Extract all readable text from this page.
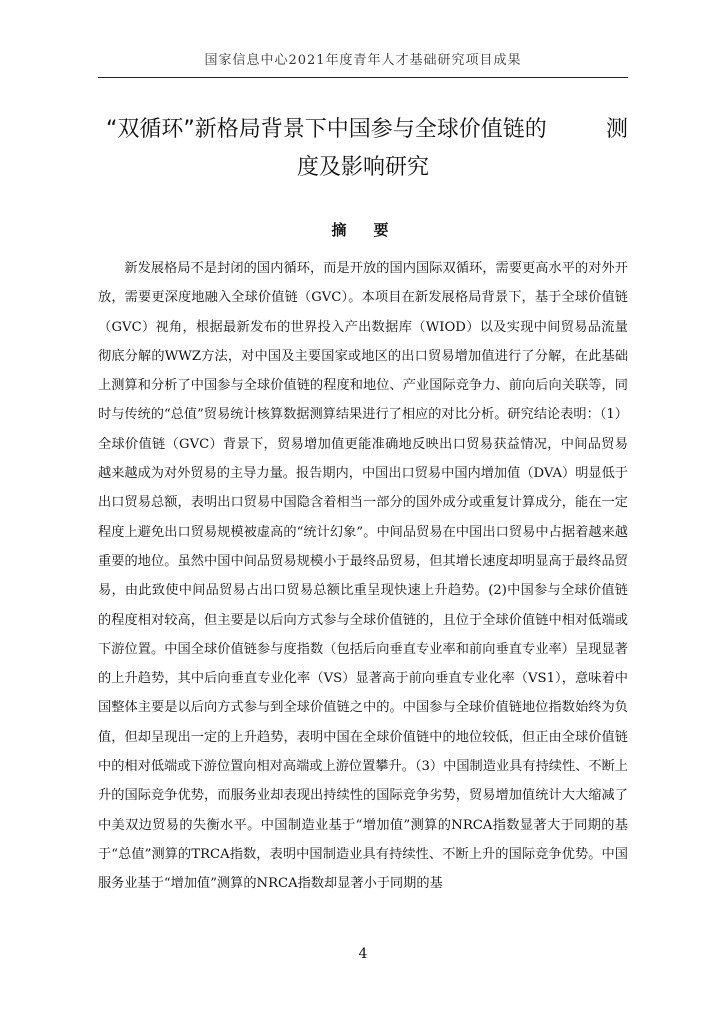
国家信息中心2021年度青年人才基础研究项目成果
“双循环”新格局背景下中国参与全球价值链的	测
度及影响研究
摘　要

新发展格局不是封闭的国内循环，而是开放的国内国际双循环，需要更高水平的对外开放，需要更深度地融入全球价值链（GVC）。本项目在新发展格局背景下，基于全球价值链（GVC）视角，根据最新发布的世界投入产出数据库（WIOD）以及实现中间贸易品流量彻底分解的WWZ方法，对中国及主要国家或地区的出口贸易增加值进行了分解，在此基础上测算和分析了中国参与全球价值链的程度和地位、产业国际竞争力、前向后向关联等，同时与传统的“总值”贸易统计核算数据测算结果进行了相应的对比分析。研究结论表明：（1）全球价值链（GVC）背景下，贸易增加值更能准确地反映出口贸易获益情况，中间品贸易越来越成为对外贸易的主导力量。报告期内，中国出口贸易中国内增加值（DVA）明显低于出口贸易总额，表明出口贸易中国隐含着相当一部分的国外成分或重复计算成分，能在一定程度上避免出口贸易规模被虚高的“统计幻象”。中间品贸易在中国出口贸易中占据着越来越重要的地位。虽然中国中间品贸易规模小于最终品贸易，但其增长速度却明显高于最终品贸易，由此致使中间品贸易占出口贸易总额比重呈现快速上升趋势。(2)中国参与全球价值链的程度相对较高，但主要是以后向方式参与全球价值链的，且位于全球价值链中相对低端或下游位置。中国全球价值链参与度指数（包括后向垂直专业率和前向垂直专业率）呈现显著的上升趋势，其中后向垂直专业化率（VS）显著高于前向垂直专业化率（VS1），意味着中国整体主要是以后向方式参与到全球价值链之中的。中国参与全球价值链地位指数始终为负值，但却呈现出一定的上升趋势，表明中国在全球价值链中的地位较低，但正由全球价值链中的相对低端或下游位置向相对高端或上游位置攀升。（3）中国制造业具有持续性、不断上升的国际竞争优势，而服务业却表现出持续性的国际竞争劣势，贸易增加值统计大大缩减了中美双边贸易的失衡水平。中国制造业基于“增加值”测算的NRCA指数显著大于同期的基于“总值”测算的TRCA指数，表明中国制造业具有持续性、不断上升的国际竞争优势。中国服务业基于“增加值”测算的NRCA指数却显著小于同期的基

4
